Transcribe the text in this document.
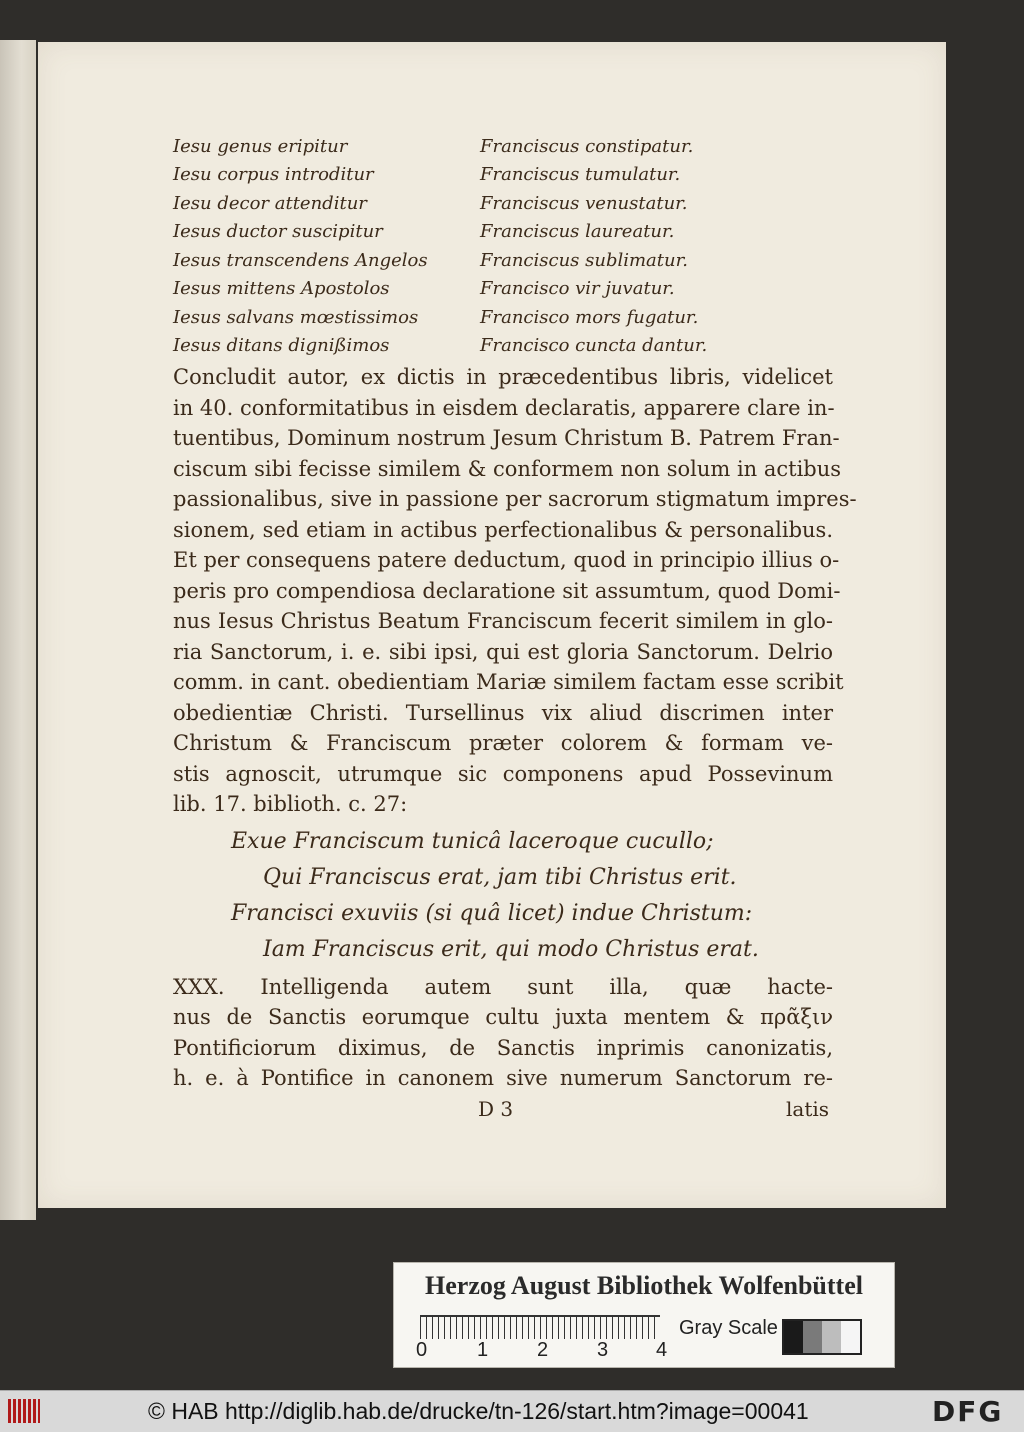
Iesu genus eripitur	Franciscus constipatur.
Iesu corpus introditur	Franciscus tumulatur.
Iesu decor attenditur	Franciscus venustatur.
Iesus ductor suscipitur	Franciscus laureatur.
Iesus transcendens Angelos	Franciscus sublimatur.
Iesus mittens Apostolos	Francisco vir juvatur.
Iesus salvans mœstissimos	Francisco mors fugatur.
Iesus ditans dignißimos	Francisco cuncta dantur.
Concludit autor, ex dictis in præcedentibus libris, videlicet
in 40. conformitatibus in eisdem declaratis, apparere clare in-
tuentibus, Dominum nostrum Jesum Christum B. Patrem Fran-
ciscum sibi fecisse similem & conformem non solum in actibus
passionalibus, sive in passione per sacrorum stigmatum impres-
sionem, sed etiam in actibus perfectionalibus & personalibus.
Et per consequens patere deductum, quod in principio illius o-
peris pro compendiosa declaratione sit assumtum, quod Domi-
nus Iesus Christus Beatum Franciscum fecerit similem in glo-
ria Sanctorum, i. e. sibi ipsi, qui est gloria Sanctorum. Delrio
comm. in cant. obedientiam Mariæ similem factam esse scribit
obedientiæ Christi. Tursellinus vix aliud discrimen inter
Christum & Franciscum præter colorem & formam ve-
stis agnoscit, utrumque sic componens apud Possevinum
lib. 17. biblioth. c. 27:
Exue Franciscum tunicâ laceroque cucullo;
Qui Franciscus erat, jam tibi Christus erit.
Francisci exuviis (si quâ licet) indue Christum:
Iam Franciscus erit, qui modo Christus erat.
XXX. Intelligenda autem sunt illa, quæ hacte-
nus de Sanctis eorumque cultu juxta mentem & πρᾶξιν
Pontificiorum diximus, de Sanctis inprimis canonizatis,
h. e. à Pontifice in canonem sive numerum Sanctorum re-
D 3	latis
Herzog August Bibliothek Wolfenbüttel
0 1 2 3 4
Gray Scale
© HAB http://diglib.hab.de/drucke/tn-126/start.htm?image=00041	DFG
